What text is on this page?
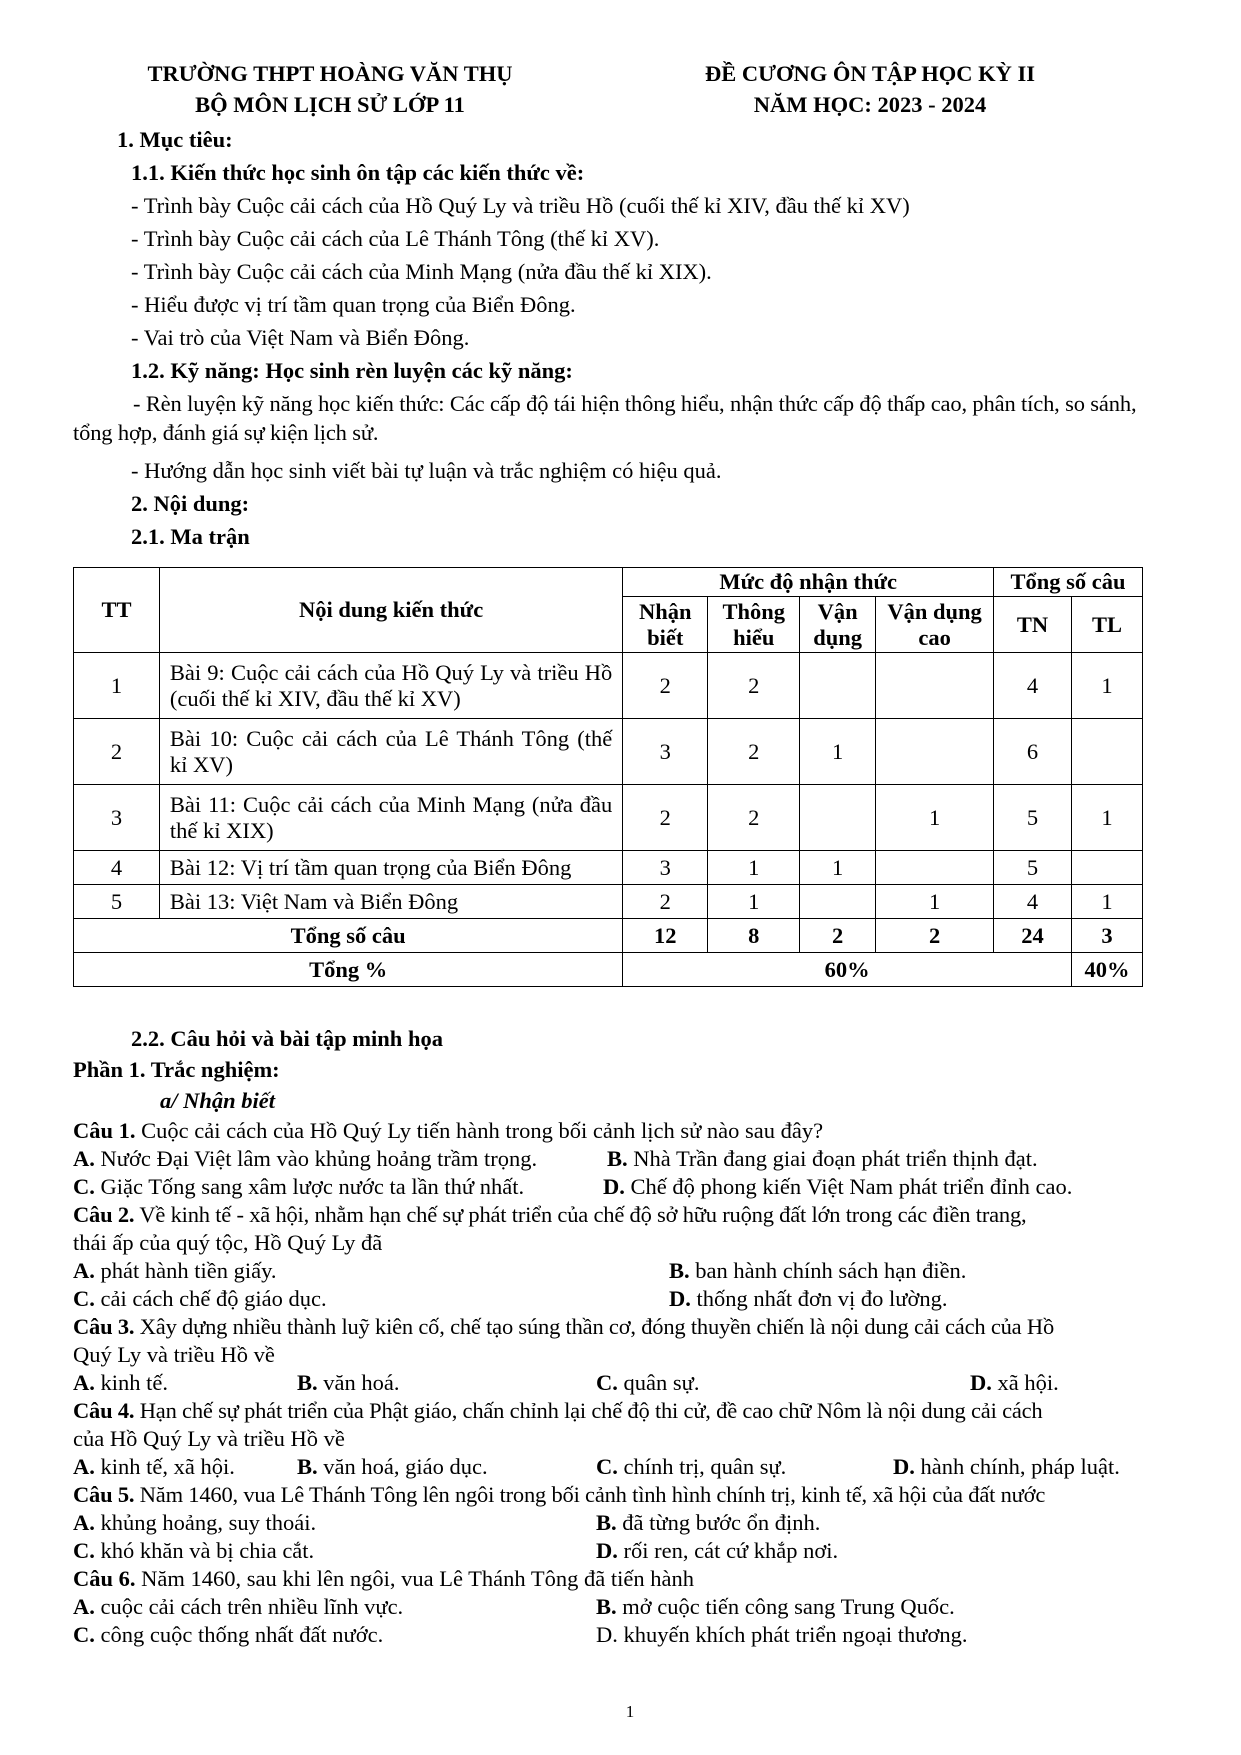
TRƯỜNG THPT HOÀNG VĂN THỤ
BỘ MÔN LỊCH SỬ LỚP 11
ĐỀ CƯƠNG ÔN TẬP HỌC KỲ II
NĂM HỌC: 2023 - 2024
1. Mục tiêu:
1.1. Kiến thức học sinh ôn tập các kiến thức về:
- Trình bày Cuộc cải cách của Hồ Quý Ly và triều Hồ (cuối thế kỉ XIV, đầu thế kỉ XV)
- Trình bày Cuộc cải cách của Lê Thánh Tông (thế kỉ XV).
- Trình bày Cuộc cải cách của Minh Mạng (nửa đầu thế kỉ XIX).
- Hiểu được vị trí tầm quan trọng của Biển Đông.
- Vai trò của Việt Nam và Biển Đông.
1.2. Kỹ năng: Học sinh rèn luyện các kỹ năng:
- Rèn luyện kỹ năng học kiến thức: Các cấp độ tái hiện thông hiểu, nhận thức cấp độ thấp cao, phân tích, so sánh, tổng hợp, đánh giá sự kiện lịch sử.
- Hướng dẫn học sinh viết bài tự luận và trắc nghiệm có hiệu quả.
2. Nội dung:
2.1. Ma trận
TT	Nội dung kiến thức	Mức độ nhận thức				Tổng số câu	
		Nhận biết	Thông hiểu	Vận dụng	Vận dụng cao	TN	TL
1	Bài 9: Cuộc cải cách của Hồ Quý Ly và triều Hồ (cuối thế kỉ XIV, đầu thế kỉ XV)	2	2			4	1
2	Bài 10: Cuộc cải cách của Lê Thánh Tông (thế kỉ XV)	3	2	1		6	
3	Bài 11: Cuộc cải cách của Minh Mạng (nửa đầu thế kỉ XIX)	2	2		1	5	1
4	Bài 12: Vị trí tầm quan trọng của Biển Đông	3	1	1		5	
5	Bài 13: Việt Nam và Biển Đông	2	1		1	4	1
Tổng số câu		12	8	2	2	24	3
Tổng %		60%					40%
2.2. Câu hỏi và bài tập minh họa
Phần 1. Trắc nghiệm:
a/ Nhận biết
Câu 1. Cuộc cải cách của Hồ Quý Ly tiến hành trong bối cảnh lịch sử nào sau đây?
A. Nước Đại Việt lâm vào khủng hoảng trầm trọng.	B. Nhà Trần đang giai đoạn phát triển thịnh đạt.
C. Giặc Tống sang xâm lược nước ta lần thứ nhất.	D. Chế độ phong kiến Việt Nam phát triển đỉnh cao.
Câu 2. Về kinh tế - xã hội, nhằm hạn chế sự phát triển của chế độ sở hữu ruộng đất lớn trong các điền trang,
thái ấp của quý tộc, Hồ Quý Ly đã
A. phát hành tiền giấy.	B. ban hành chính sách hạn điền.
C. cải cách chế độ giáo dục.	D. thống nhất đơn vị đo lường.
Câu 3. Xây dựng nhiều thành luỹ kiên cố, chế tạo súng thần cơ, đóng thuyền chiến là nội dung cải cách của Hồ
Quý Ly và triều Hồ về
A. kinh tế.	B. văn hoá.	C. quân sự.	D. xã hội.
Câu 4. Hạn chế sự phát triển của Phật giáo, chấn chỉnh lại chế độ thi cử, đề cao chữ Nôm là nội dung cải cách
của Hồ Quý Ly và triều Hồ về
A. kinh tế, xã hội.	B. văn hoá, giáo dục.	C. chính trị, quân sự.	D. hành chính, pháp luật.
Câu 5. Năm 1460, vua Lê Thánh Tông lên ngôi trong bối cảnh tình hình chính trị, kinh tế, xã hội của đất nước
A. khủng hoảng, suy thoái.	B. đã từng bước ổn định.
C. khó khăn và bị chia cắt.	D. rối ren, cát cứ khắp nơi.
Câu 6. Năm 1460, sau khi lên ngôi, vua Lê Thánh Tông đã tiến hành
A. cuộc cải cách trên nhiều lĩnh vực.	B. mở cuộc tiến công sang Trung Quốc.
C. công cuộc thống nhất đất nước.	D. khuyến khích phát triển ngoại thương.
1
